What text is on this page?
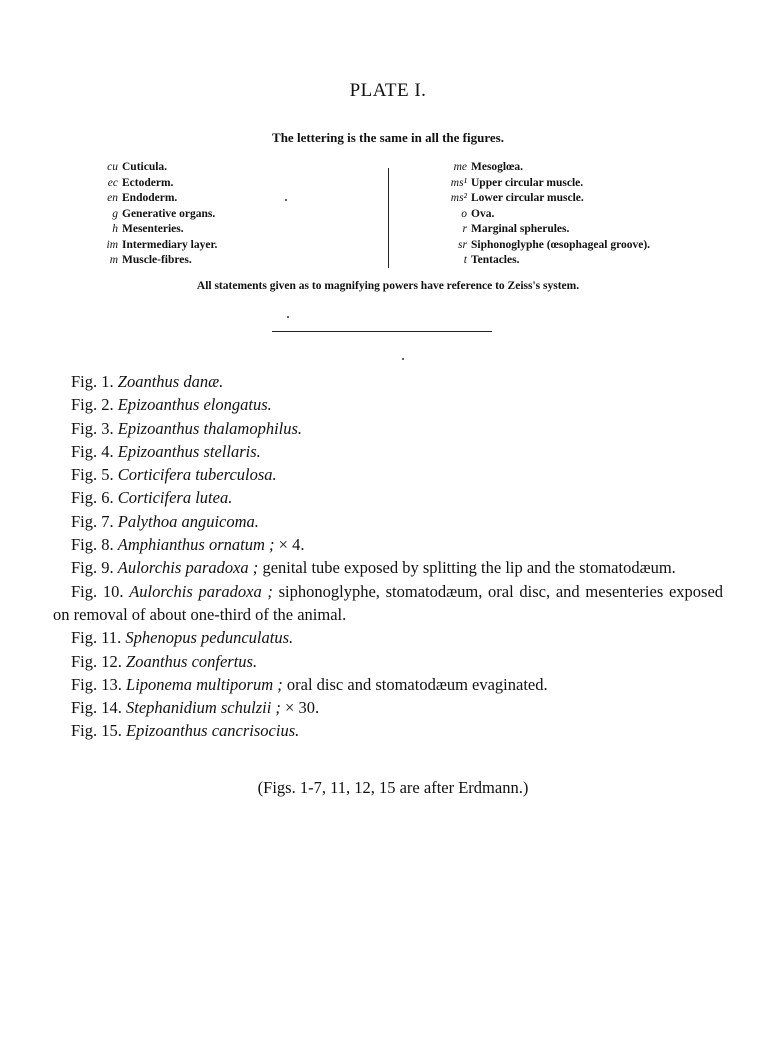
PLATE I.
The lettering is the same in all the figures.
cu Cuticula.
ec Ectoderm.
en Endoderm.
g Generative organs.
h Mesenteries.
im Intermediary layer.
m Muscle-fibres.
me Mesoglœa.
ms¹ Upper circular muscle.
ms² Lower circular muscle.
o Ova.
r Marginal spherules.
sr Siphonoglyphe (œsophageal groove).
t Tentacles.
All statements given as to magnifying powers have reference to Zeiss's system.
Fig. 1. Zoanthus danæ.
Fig. 2. Epizoanthus elongatus.
Fig. 3. Epizoanthus thalamophilus.
Fig. 4. Epizoanthus stellaris.
Fig. 5. Corticifera tuberculosa.
Fig. 6. Corticifera lutea.
Fig. 7. Palythoa anguicoma.
Fig. 8. Amphianthus ornatum ; × 4.
Fig. 9. Aulorchis paradoxa ; genital tube exposed by splitting the lip and the stomatodæum.
Fig. 10. Aulorchis paradoxa ; siphonoglyphe, stomatodæum, oral disc, and mesenteries exposed on removal of about one-third of the animal.
Fig. 11. Sphenopus pedunculatus.
Fig. 12. Zoanthus confertus.
Fig. 13. Liponema multiporum ; oral disc and stomatodæum evaginated.
Fig. 14. Stephanidium schulzii ; × 30.
Fig. 15. Epizoanthus cancrisocius.
(Figs. 1-7, 11, 12, 15 are after Erdmann.)
